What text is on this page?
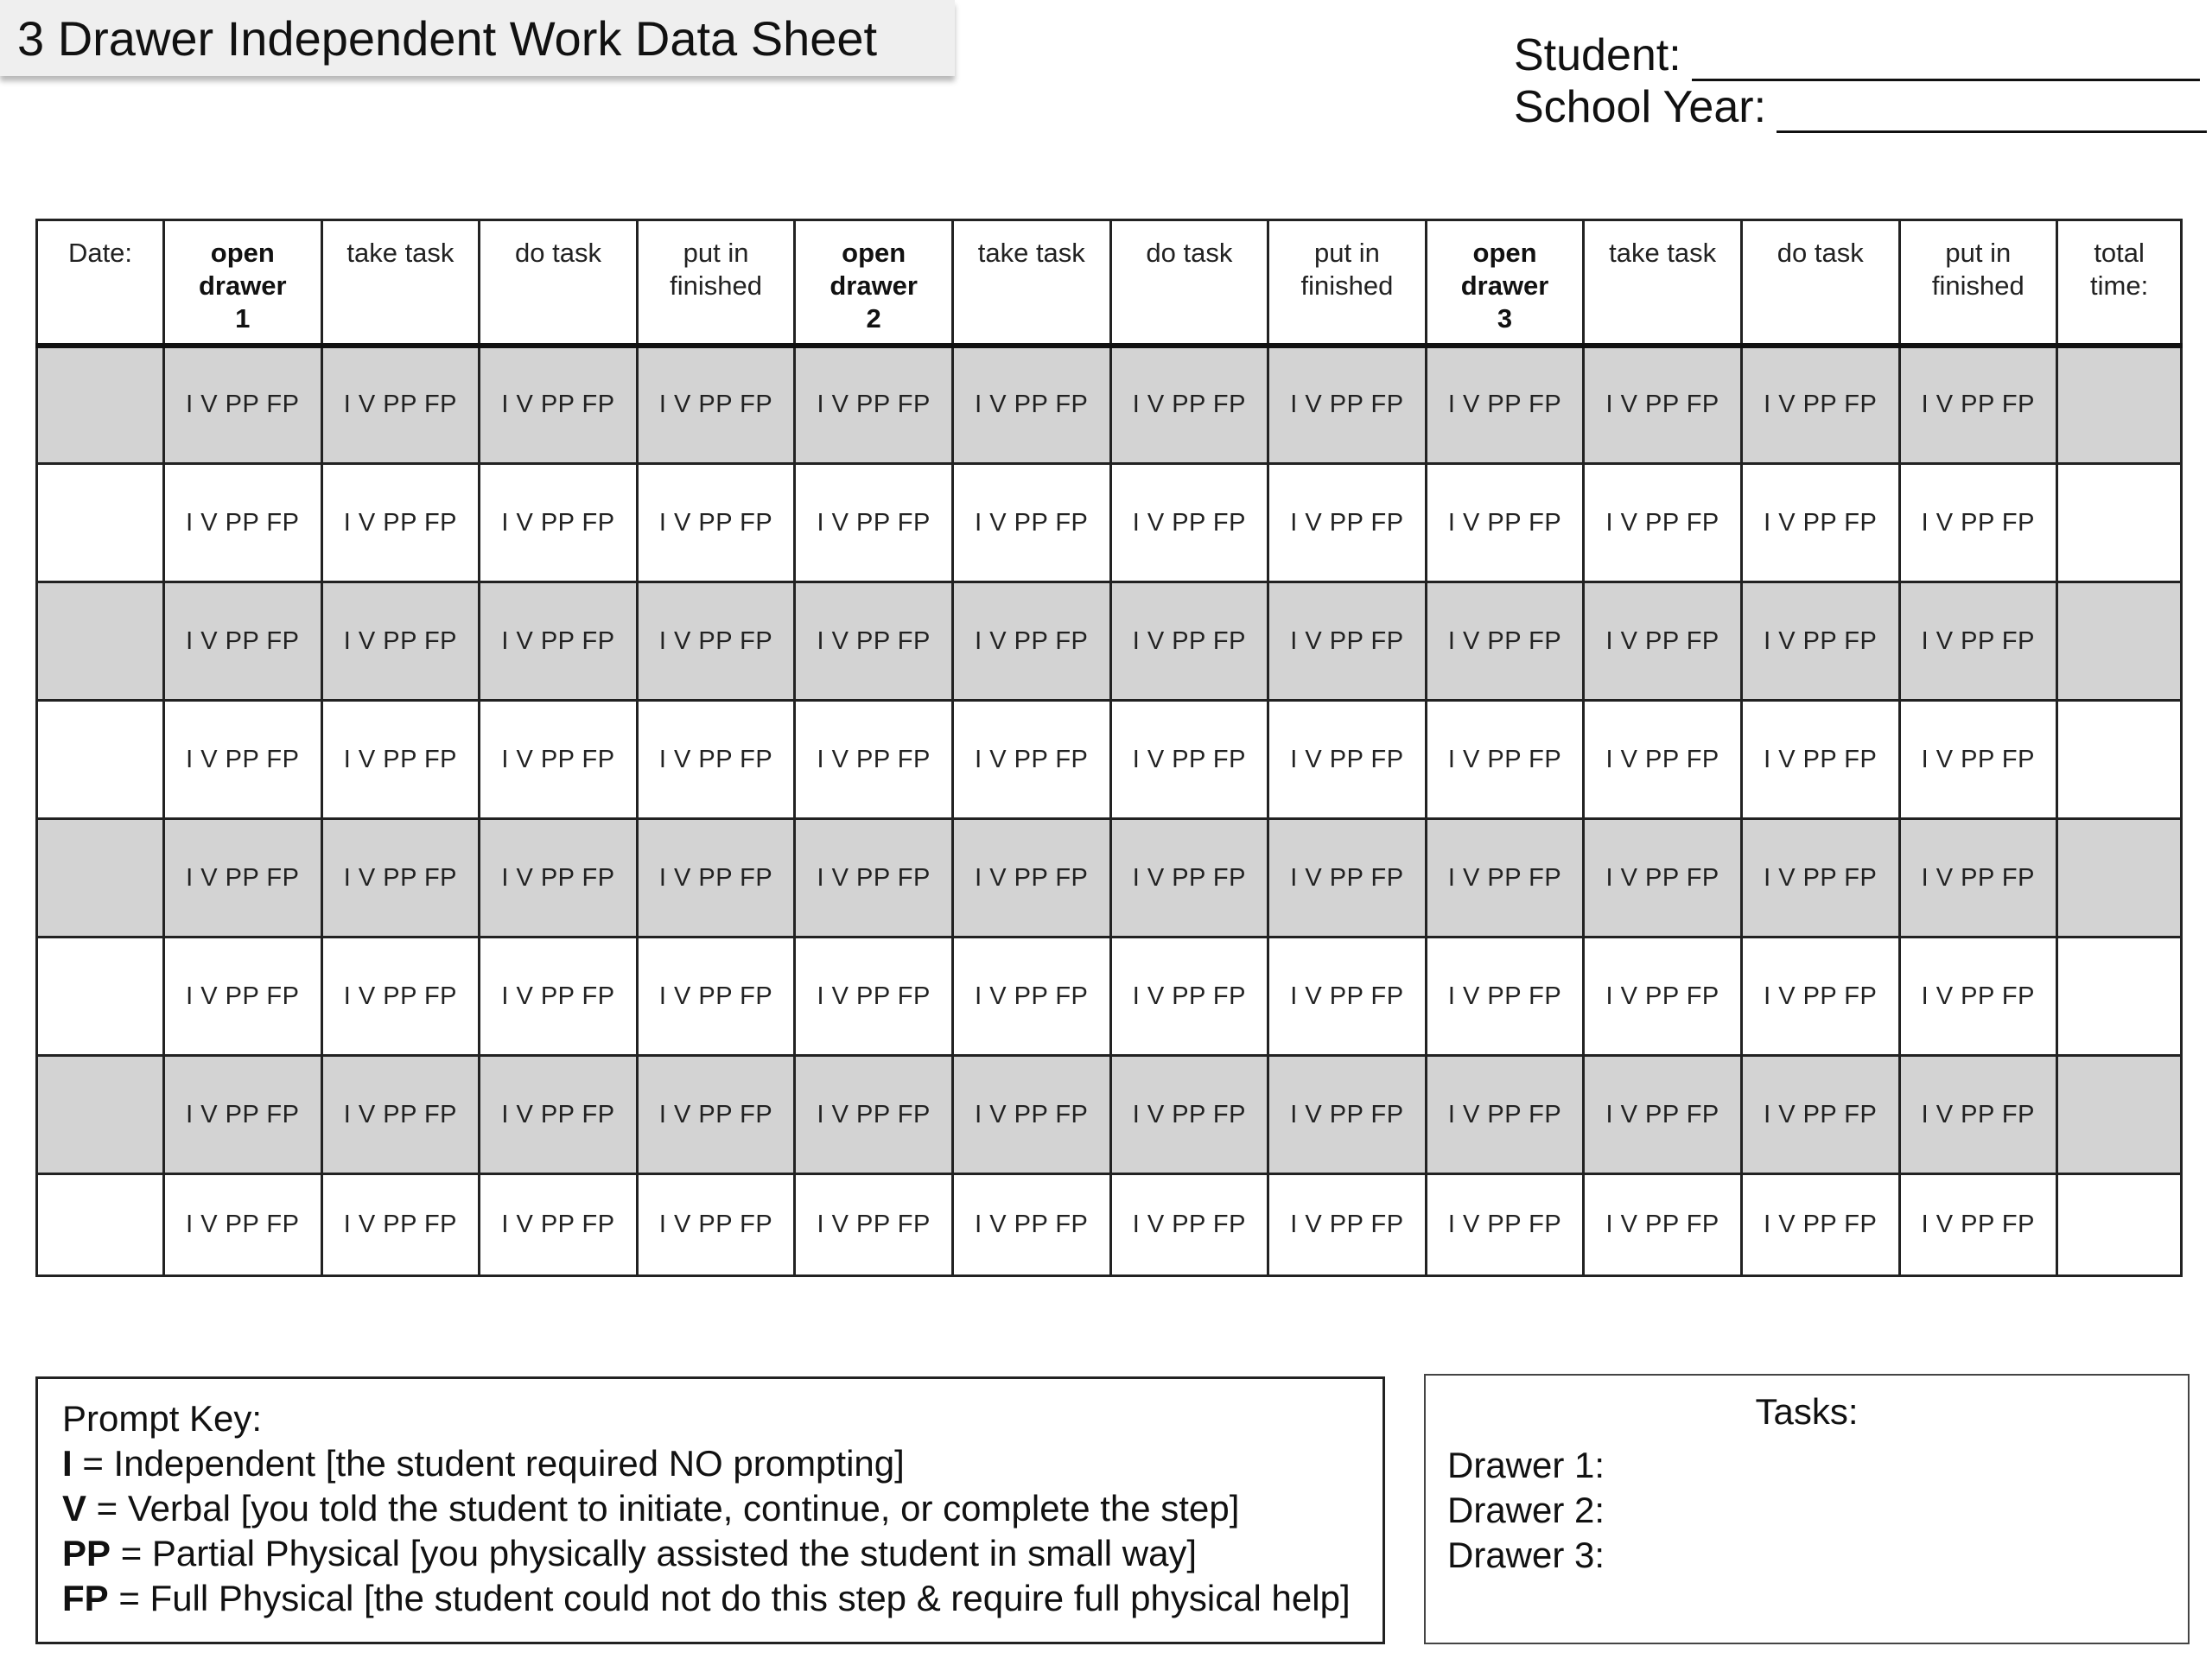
3 Drawer Independent Work Data Sheet	Student:
School Year:
Date:	open
drawer
1	take task	do task	put in
finished	open
drawer
2	take task	do task	put in
finished	open
drawer
3	take task	do task	put in
finished	total
time:
	I V PP FP	I V PP FP	I V PP FP	I V PP FP	I V PP FP	I V PP FP	I V PP FP	I V PP FP	I V PP FP	I V PP FP	I V PP FP	I V PP FP	
	I V PP FP	I V PP FP	I V PP FP	I V PP FP	I V PP FP	I V PP FP	I V PP FP	I V PP FP	I V PP FP	I V PP FP	I V PP FP	I V PP FP	
	I V PP FP	I V PP FP	I V PP FP	I V PP FP	I V PP FP	I V PP FP	I V PP FP	I V PP FP	I V PP FP	I V PP FP	I V PP FP	I V PP FP	
	I V PP FP	I V PP FP	I V PP FP	I V PP FP	I V PP FP	I V PP FP	I V PP FP	I V PP FP	I V PP FP	I V PP FP	I V PP FP	I V PP FP	
	I V PP FP	I V PP FP	I V PP FP	I V PP FP	I V PP FP	I V PP FP	I V PP FP	I V PP FP	I V PP FP	I V PP FP	I V PP FP	I V PP FP	
	I V PP FP	I V PP FP	I V PP FP	I V PP FP	I V PP FP	I V PP FP	I V PP FP	I V PP FP	I V PP FP	I V PP FP	I V PP FP	I V PP FP	
	I V PP FP	I V PP FP	I V PP FP	I V PP FP	I V PP FP	I V PP FP	I V PP FP	I V PP FP	I V PP FP	I V PP FP	I V PP FP	I V PP FP	
	I V PP FP	I V PP FP	I V PP FP	I V PP FP	I V PP FP	I V PP FP	I V PP FP	I V PP FP	I V PP FP	I V PP FP	I V PP FP	I V PP FP	
Prompt Key:
I = Independent [the student required NO prompting]
V = Verbal [you told the student to initiate, continue, or complete the step]
PP = Partial Physical [you physically assisted the student in small way]
FP = Full Physical [the student could not do this step & require full physical help]
Tasks:
Drawer 1:
Drawer 2:
Drawer 3:
